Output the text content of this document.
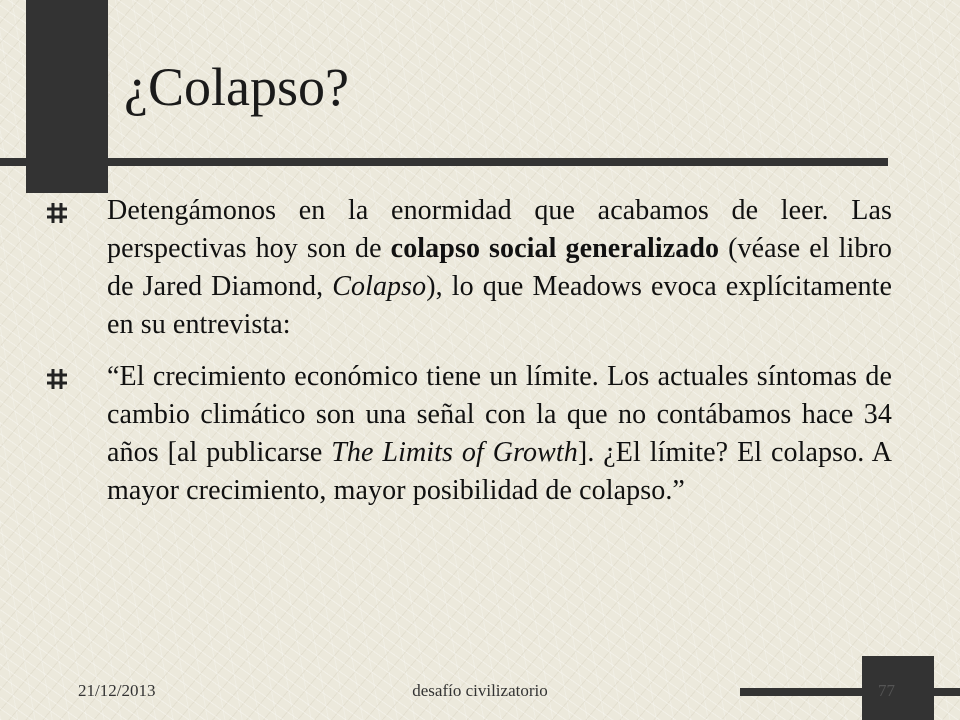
¿Colapso?
Detengámonos en la enormidad que acabamos de leer. Las perspectivas hoy son de colapso social generalizado (véase el libro de Jared Diamond, Colapso), lo que Meadows evoca explícitamente en su entrevista:
“El crecimiento económico tiene un límite. Los actuales síntomas de cambio climático son una señal con la que no contábamos hace 34 años [al publicarse The Limits of Growth]. ¿El límite? El colapso. A mayor crecimiento, mayor posibilidad de colapso.”
21/12/2013	desafío civilizatorio	77
